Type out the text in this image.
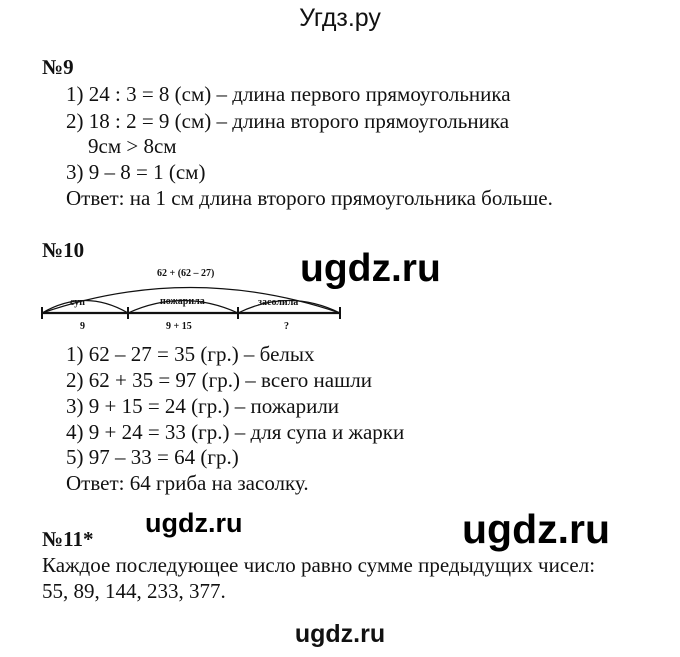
Угдз.ру
№9
1) 24 : 3 = 8 (см) – длина первого прямоугольника
2) 18 : 2 = 9 (см) – длина второго прямоугольника
9см > 8см
3) 9 – 8 = 1 (см)
Ответ: на 1 см длина второго прямоугольника больше.
№10
62 + (62 – 27)
суп	пожарила	засолила
9	9 + 15	?
1) 62 – 27 = 35 (гр.) – белых
2) 62 + 35 = 97 (гр.) – всего нашли
3) 9 + 15 = 24 (гр.) – пожарили
4) 9 + 24 = 33 (гр.) – для супа и жарки
5) 97 – 33 = 64 (гр.)
Ответ: 64 гриба на засолку.
№11*
Каждое последующее число равно сумме предыдущих чисел:
55, 89, 144, 233, 377.
ugdz.ru
ugdz.ru	ugdz.ru
ugdz.ru
